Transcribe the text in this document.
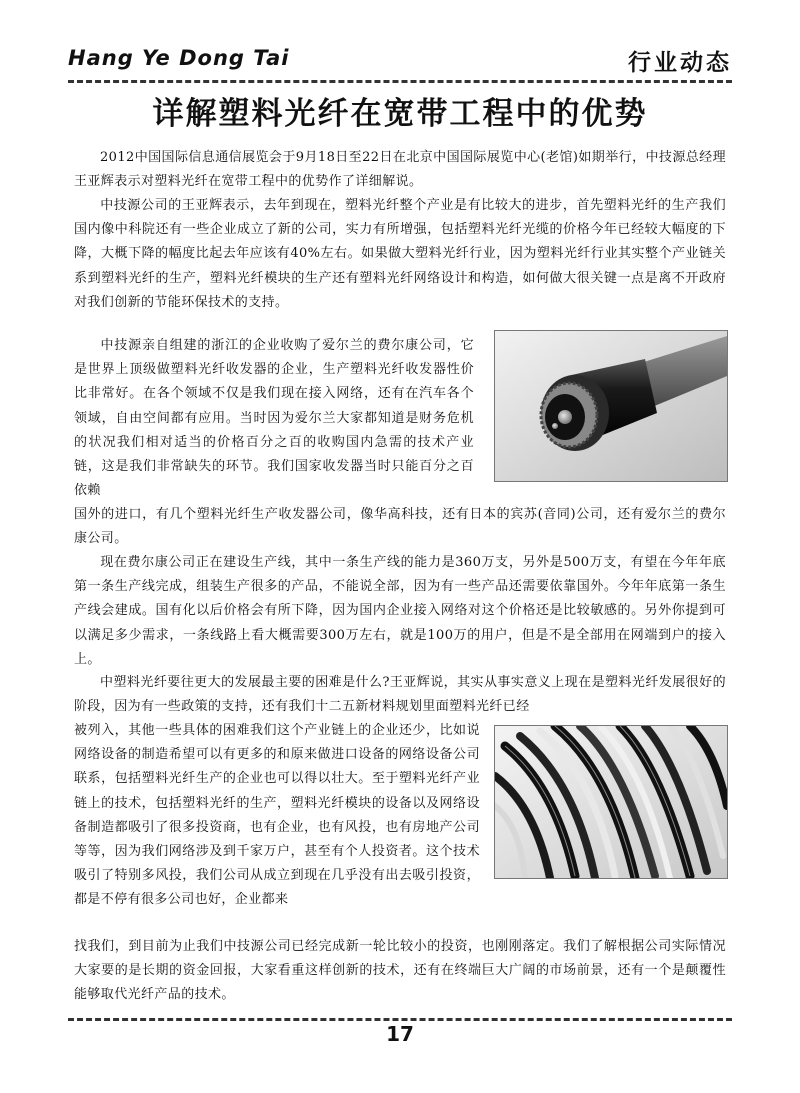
Hang Ye Dong Tai	行业动态
详解塑料光纤在宽带工程中的优势

2012中国国际信息通信展览会于9月18日至22日在北京中国国际展览中心(老馆)如期举行，中技源总经理王亚辉表示对塑料光纤在宽带工程中的优势作了详细解说。

中技源公司的王亚辉表示，去年到现在，塑料光纤整个产业是有比较大的进步，首先塑料光纤的生产我们国内像中科院还有一些企业成立了新的公司，实力有所增强，包括塑料光纤光缆的价格今年已经较大幅度的下降，大概下降的幅度比起去年应该有40%左右。如果做大塑料光纤行业，因为塑料光纤行业其实整个产业链关系到塑料光纤的生产，塑料光纤模块的生产还有塑料光纤网络设计和构造，如何做大很关键一点是离不开政府对我们创新的节能环保技术的支持。

中技源亲自组建的浙江的企业收购了爱尔兰的费尔康公司，它是世界上顶级做塑料光纤收发器的企业，生产塑料光纤收发器性价比非常好。在各个领域不仅是我们现在接入网络，还有在汽车各个领域，自由空间都有应用。当时因为爱尔兰大家都知道是财务危机的状况我们相对适当的价格百分之百的收购国内急需的技术产业链，这是我们非常缺失的环节。我们国家收发器当时只能百分之百依赖

国外的进口，有几个塑料光纤生产收发器公司，像华高科技，还有日本的宾苏(音同)公司，还有爱尔兰的费尔康公司。

现在费尔康公司正在建设生产线，其中一条生产线的能力是360万支，另外是500万支，有望在今年年底第一条生产线完成，组装生产很多的产品，不能说全部，因为有一些产品还需要依靠国外。今年年底第一条生产线会建成。国有化以后价格会有所下降，因为国内企业接入网络对这个价格还是比较敏感的。另外你提到可以满足多少需求，一条线路上看大概需要300万左右，就是100万的用户，但是不是全部用在网端到户的接入上。

中塑料光纤要往更大的发展最主要的困难是什么?王亚辉说，其实从事实意义上现在是塑料光纤发展很好的阶段，因为有一些政策的支持，还有我们十二五新材料规划里面塑料光纤已经

被列入，其他一些具体的困难我们这个产业链上的企业还少，比如说网络设备的制造希望可以有更多的和原来做进口设备的网络设备公司联系，包括塑料光纤生产的企业也可以得以壮大。至于塑料光纤产业链上的技术，包括塑料光纤的生产，塑料光纤模块的设备以及网络设备制造都吸引了很多投资商，也有企业，也有风投，也有房地产公司等等，因为我们网络涉及到千家万户，甚至有个人投资者。这个技术吸引了特别多风投，我们公司从成立到现在几乎没有出去吸引投资，都是不停有很多公司也好，企业都来

找我们，到目前为止我们中技源公司已经完成新一轮比较小的投资，也刚刚落定。我们了解根据公司实际情况大家要的是长期的资金回报，大家看重这样创新的技术，还有在终端巨大广阔的市场前景，还有一个是颠覆性能够取代光纤产品的技术。

17
